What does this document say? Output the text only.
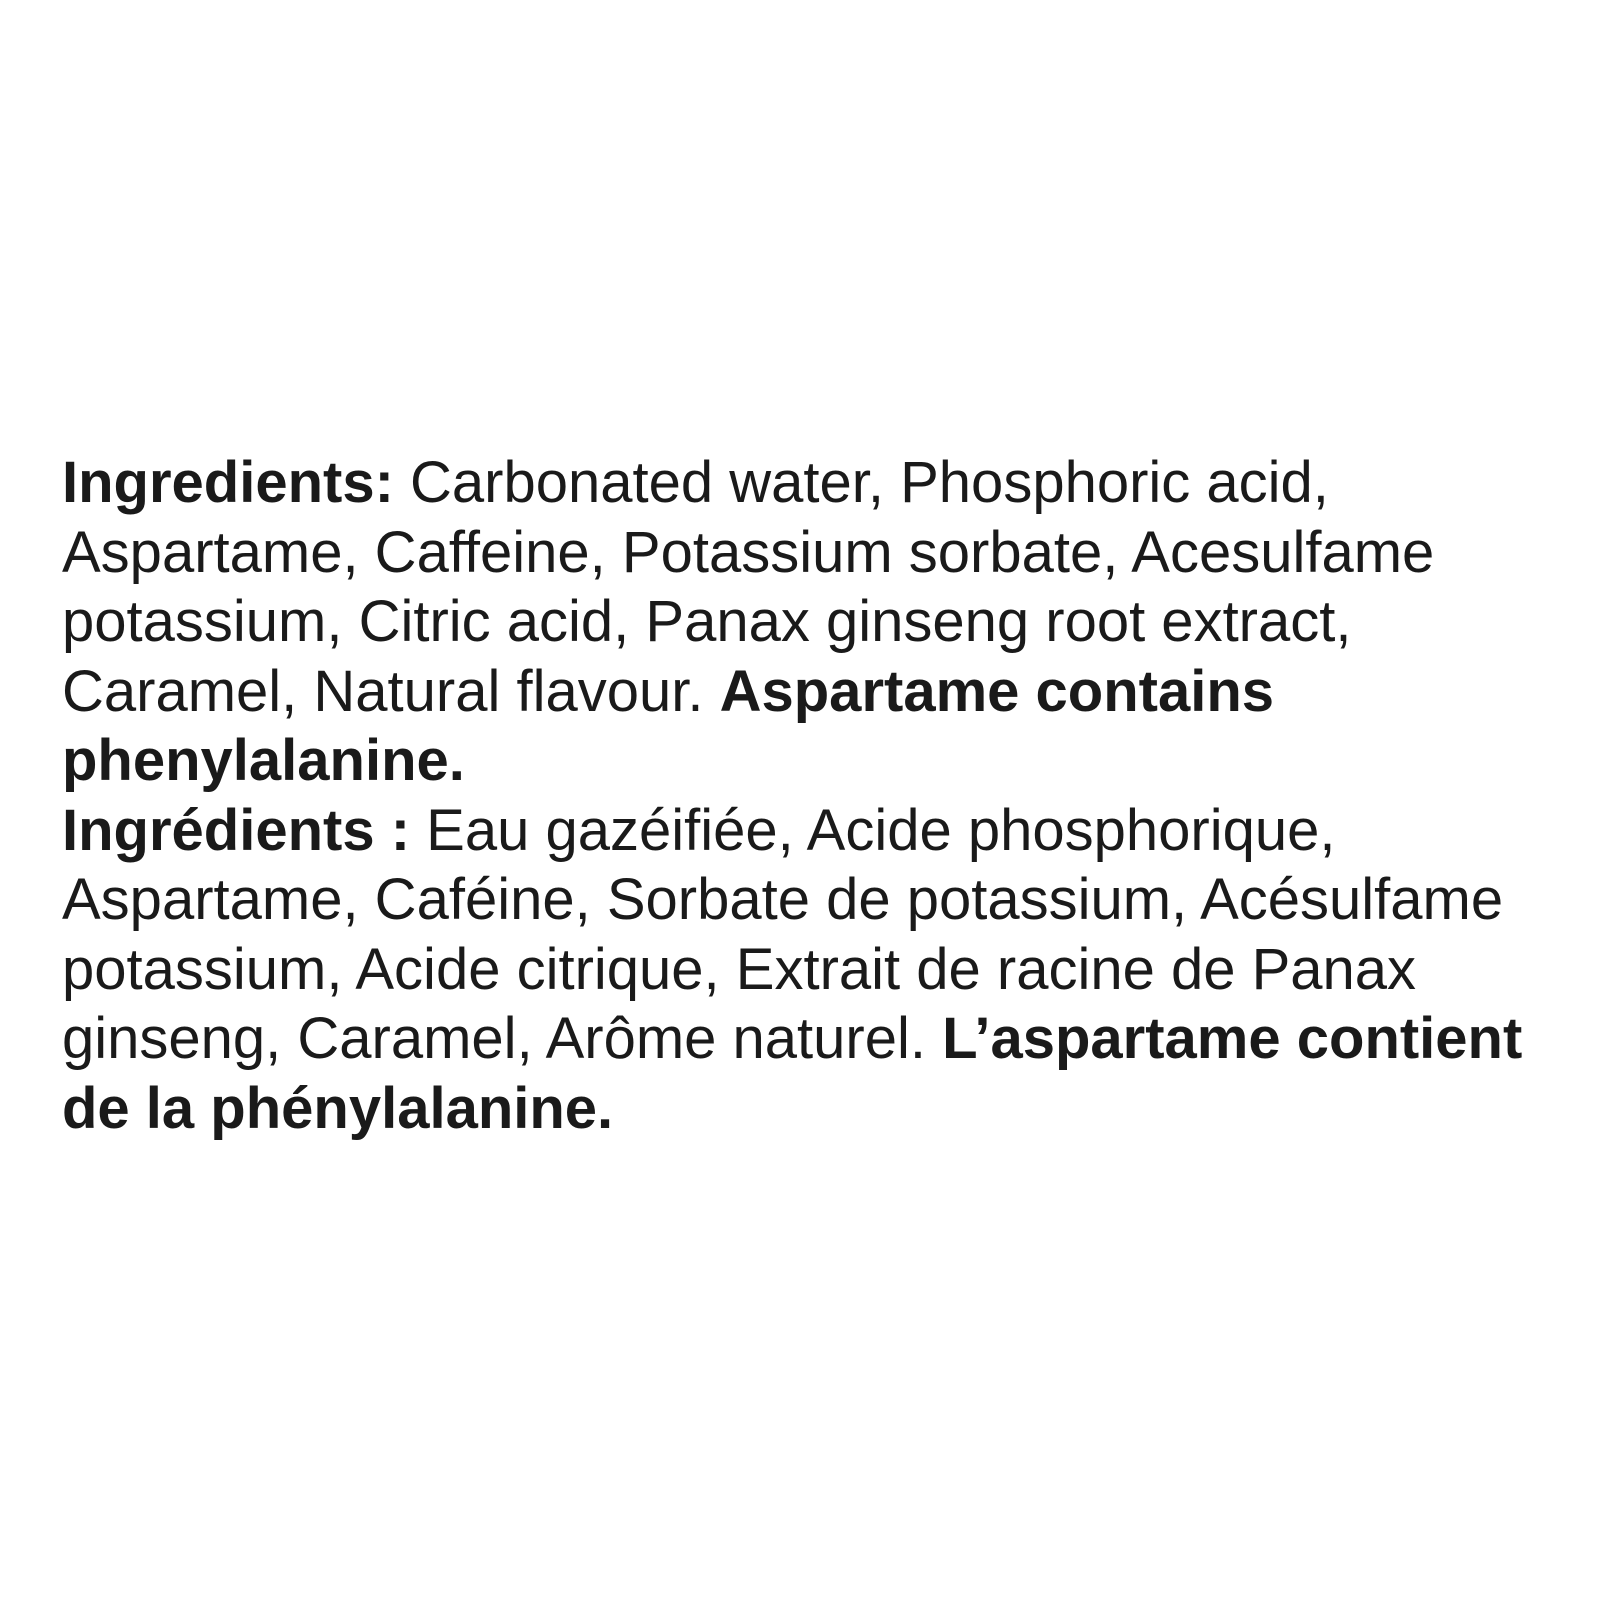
Ingredients: Carbonated water, Phosphoric acid,
Aspartame, Caffeine, Potassium sorbate, Acesulfame
potassium, Citric acid, Panax ginseng root extract,
Caramel, Natural flavour. Aspartame contains
phenylalanine.
Ingrédients : Eau gazéifiée, Acide phosphorique,
Aspartame, Caféine, Sorbate de potassium, Acésulfame
potassium, Acide citrique, Extrait de racine de Panax
ginseng, Caramel, Arôme naturel. L’aspartame contient
de la phénylalanine.
